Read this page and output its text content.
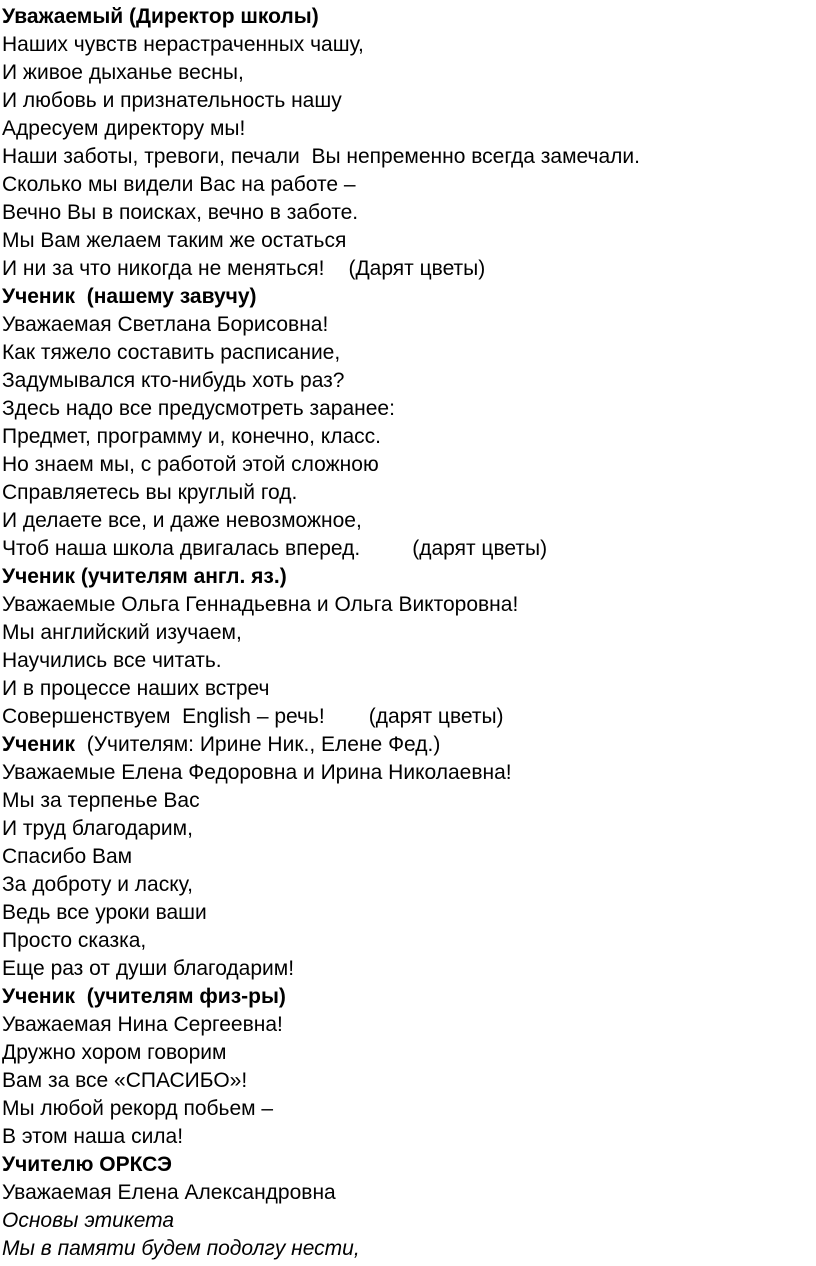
Уважаемый (Директор школы)
Наших чувств нерастраченных чашу,
И живое дыханье весны,
И любовь и признательность нашу
Адресуем директору мы!
Наши заботы, тревоги, печали  Вы непременно всегда замечали.
Сколько мы видели Вас на работе –
Вечно Вы в поисках, вечно в заботе.
Мы Вам желаем таким же остаться
И ни за что никогда не меняться! (Дарят цветы)
Ученик  (нашему завучу)
Уважаемая Светлана Борисовна!
Как тяжело составить расписание,
Задумывался кто-нибудь хоть раз?
Здесь надо все предусмотреть заранее:
Предмет, программу и, конечно, класс.
Но знаем мы, с работой этой сложною
Справляетесь вы круглый год.
И делаете все, и даже невозможное,
Чтоб наша школа двигалась вперед. (дарят цветы)
Ученик (учителям англ. яз.)
Уважаемые Ольга Геннадьевна и Ольга Викторовна!
Мы английский изучаем,
Научились все читать.
И в процессе наших встреч
Совершенствуем  English – речь! (дарят цветы)
Ученик  (Учителям: Ирине Ник., Елене Фед.)
Уважаемые Елена Федоровна и Ирина Николаевна!
Мы за терпенье Вас
И труд благодарим,
Спасибо Вам
За доброту и ласку,
Ведь все уроки ваши
Просто сказка,
Еще раз от души благодарим!
Ученик  (учителям физ-ры)
Уважаемая Нина Сергеевна!
Дружно хором говорим
Вам за все «СПАСИБО»!
Мы любой рекорд побьем –
В этом наша сила!
Учителю ОРКСЭ
Уважаемая Елена Александровна
Основы этикета
Мы в памяти будем подолгу нести,
